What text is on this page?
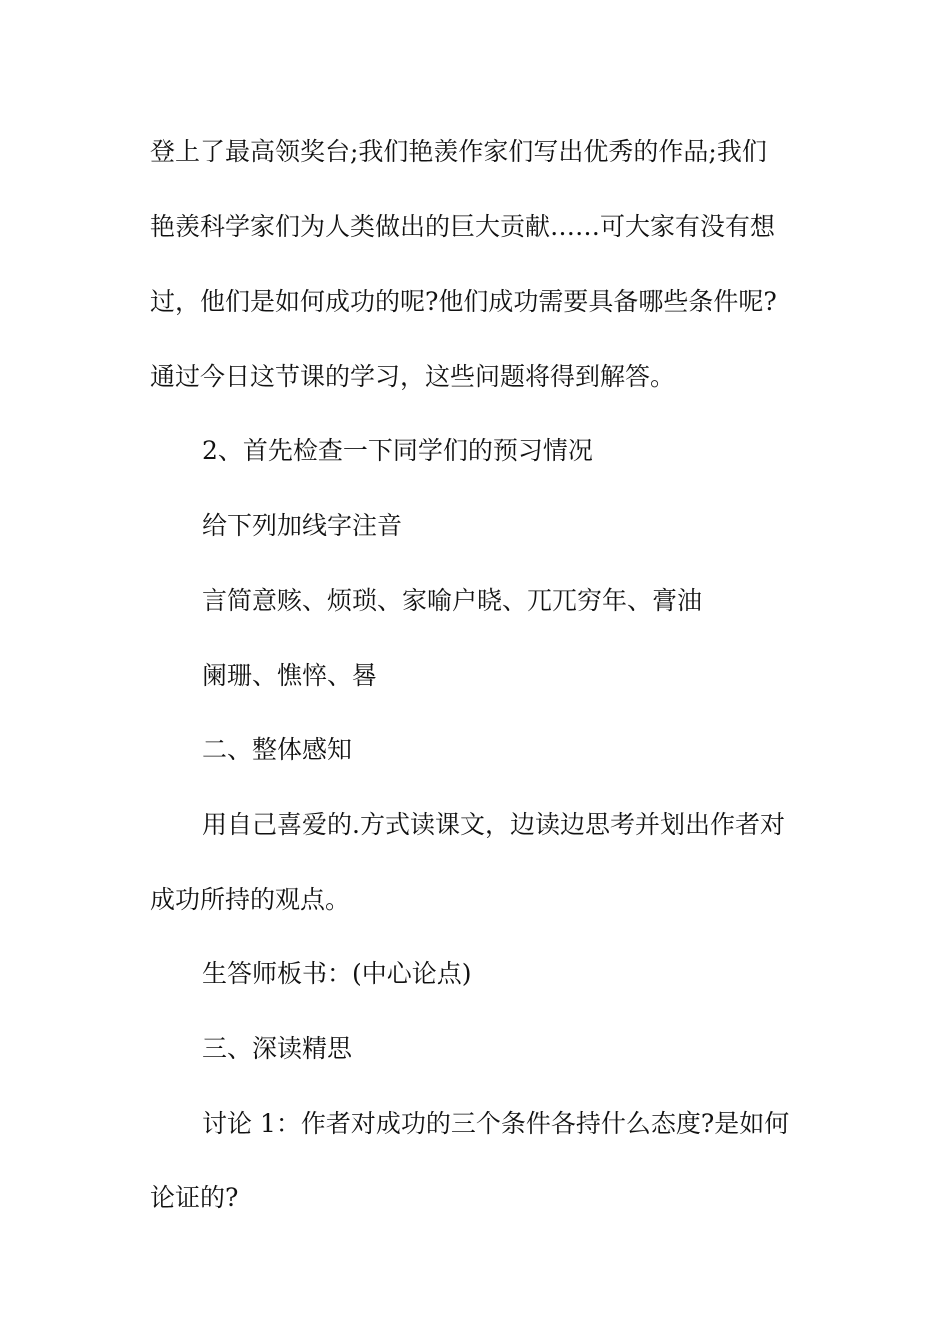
登上了最高领奖台;我们艳羡作家们写出优秀的作品;我们

艳羡科学家们为人类做出的巨大贡献……可大家有没有想

过，他们是如何成功的呢?他们成功需要具备哪些条件呢?

通过今日这节课的学习，这些问题将得到解答。

2、首先检查一下同学们的预习情况

给下列加线字注音

言简意赅、烦琐、家喻户晓、兀兀穷年、膏油

阑珊、憔悴、晷

二、整体感知

用自己喜爱的.方式读课文，边读边思考并划出作者对

成功所持的观点。

生答师板书：(中心论点)

三、深读精思

讨论 1：作者对成功的三个条件各持什么态度?是如何

论证的?
